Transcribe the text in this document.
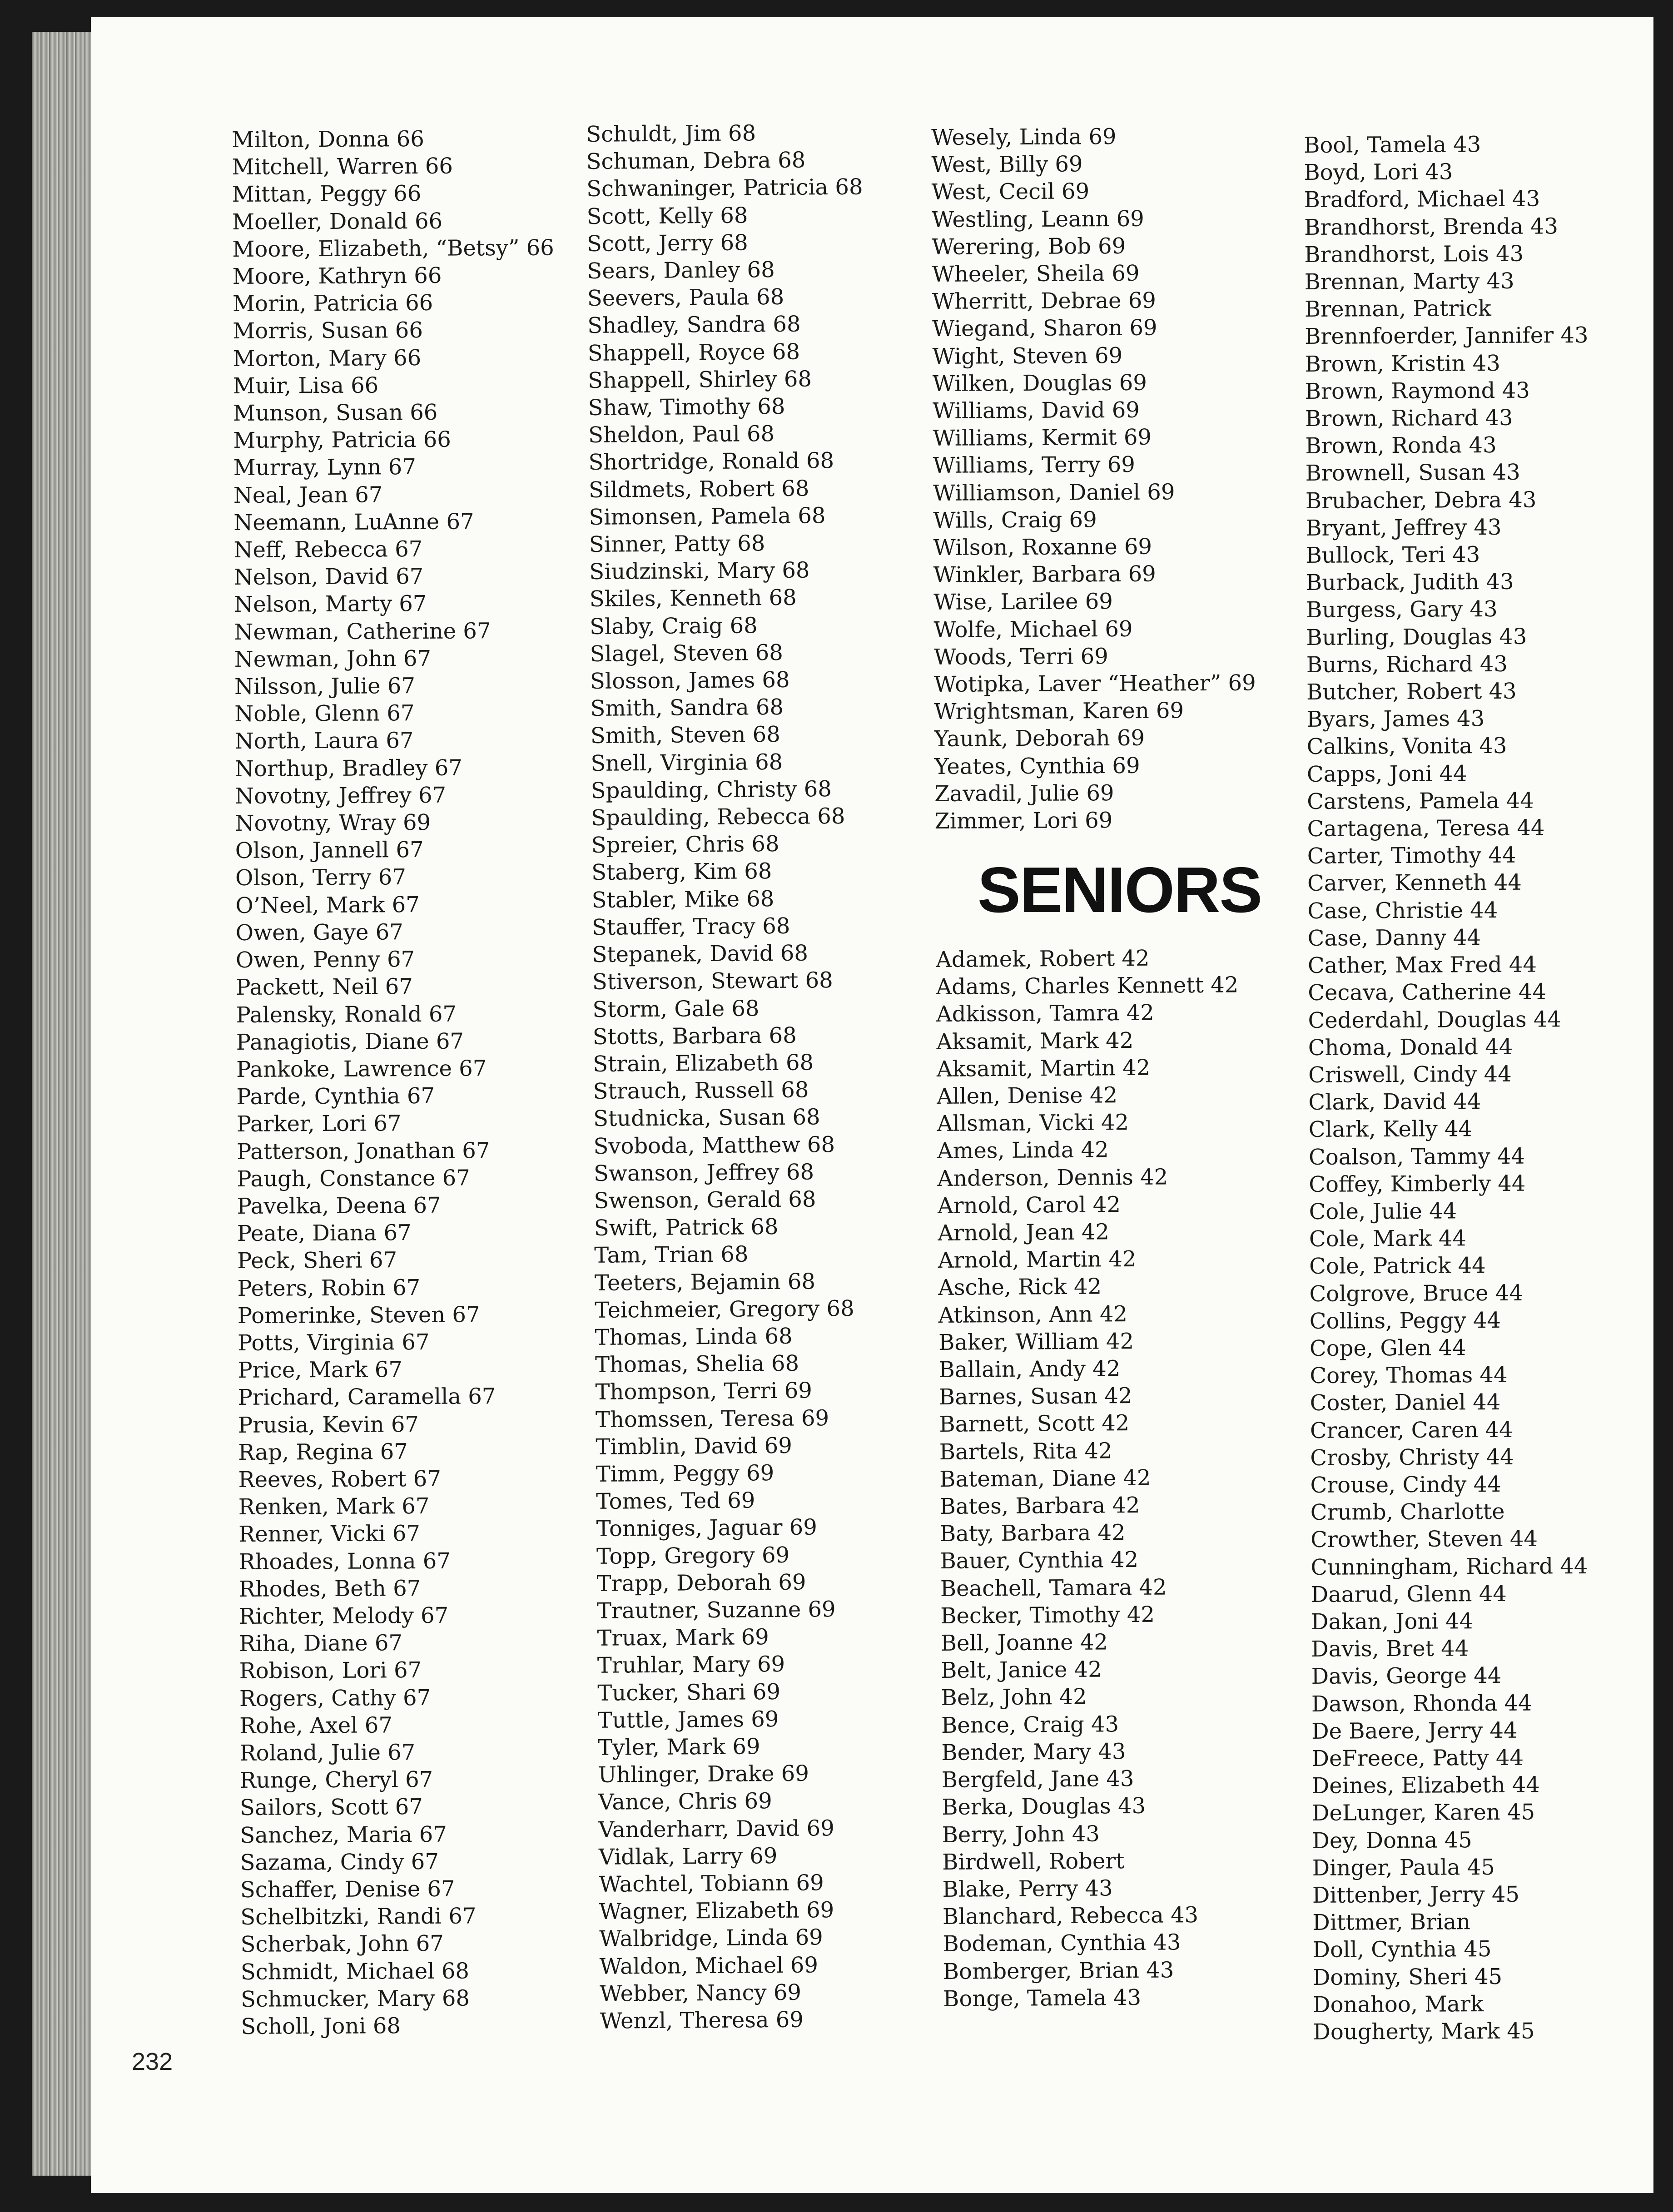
Milton, Donna 66
Mitchell, Warren 66
Mittan, Peggy 66
Moeller, Donald 66
Moore, Elizabeth, “Betsy” 66
Moore, Kathryn 66
Morin, Patricia 66
Morris, Susan 66
Morton, Mary 66
Muir, Lisa 66
Munson, Susan 66
Murphy, Patricia 66
Murray, Lynn 67
Neal, Jean 67
Neemann, LuAnne 67
Neff, Rebecca 67
Nelson, David 67
Nelson, Marty 67
Newman, Catherine 67
Newman, John 67
Nilsson, Julie 67
Noble, Glenn 67
North, Laura 67
Northup, Bradley 67
Novotny, Jeffrey 67
Novotny, Wray 69
Olson, Jannell 67
Olson, Terry 67
O’Neel, Mark 67
Owen, Gaye 67
Owen, Penny 67
Packett, Neil 67
Palensky, Ronald 67
Panagiotis, Diane 67
Pankoke, Lawrence 67
Parde, Cynthia 67
Parker, Lori 67
Patterson, Jonathan 67
Paugh, Constance 67
Pavelka, Deena 67
Peate, Diana 67
Peck, Sheri 67
Peters, Robin 67
Pomerinke, Steven 67
Potts, Virginia 67
Price, Mark 67
Prichard, Caramella 67
Prusia, Kevin 67
Rap, Regina 67
Reeves, Robert 67
Renken, Mark 67
Renner, Vicki 67
Rhoades, Lonna 67
Rhodes, Beth 67
Richter, Melody 67
Riha, Diane 67
Robison, Lori 67
Rogers, Cathy 67
Rohe, Axel 67
Roland, Julie 67
Runge, Cheryl 67
Sailors, Scott 67
Sanchez, Maria 67
Sazama, Cindy 67
Schaffer, Denise 67
Schelbitzki, Randi 67
Scherbak, John 67
Schmidt, Michael 68
Schmucker, Mary 68
Scholl, Joni 68
Schuldt, Jim 68
Schuman, Debra 68
Schwaninger, Patricia 68
Scott, Kelly 68
Scott, Jerry 68
Sears, Danley 68
Seevers, Paula 68
Shadley, Sandra 68
Shappell, Royce 68
Shappell, Shirley 68
Shaw, Timothy 68
Sheldon, Paul 68
Shortridge, Ronald 68
Sildmets, Robert 68
Simonsen, Pamela 68
Sinner, Patty 68
Siudzinski, Mary 68
Skiles, Kenneth 68
Slaby, Craig 68
Slagel, Steven 68
Slosson, James 68
Smith, Sandra 68
Smith, Steven 68
Snell, Virginia 68
Spaulding, Christy 68
Spaulding, Rebecca 68
Spreier, Chris 68
Staberg, Kim 68
Stabler, Mike 68
Stauffer, Tracy 68
Stepanek, David 68
Stiverson, Stewart 68
Storm, Gale 68
Stotts, Barbara 68
Strain, Elizabeth 68
Strauch, Russell 68
Studnicka, Susan 68
Svoboda, Matthew 68
Swanson, Jeffrey 68
Swenson, Gerald 68
Swift, Patrick 68
Tam, Trian 68
Teeters, Bejamin 68
Teichmeier, Gregory 68
Thomas, Linda 68
Thomas, Shelia 68
Thompson, Terri 69
Thomssen, Teresa 69
Timblin, David 69
Timm, Peggy 69
Tomes, Ted 69
Tonniges, Jaguar 69
Topp, Gregory 69
Trapp, Deborah 69
Trautner, Suzanne 69
Truax, Mark 69
Truhlar, Mary 69
Tucker, Shari 69
Tuttle, James 69
Tyler, Mark 69
Uhlinger, Drake 69
Vance, Chris 69
Vanderharr, David 69
Vidlak, Larry 69
Wachtel, Tobiann 69
Wagner, Elizabeth 69
Walbridge, Linda 69
Waldon, Michael 69
Webber, Nancy 69
Wenzl, Theresa 69
Wesely, Linda 69
West, Billy 69
West, Cecil 69
Westling, Leann 69
Werering, Bob 69
Wheeler, Sheila 69
Wherritt, Debrae 69
Wiegand, Sharon 69
Wight, Steven 69
Wilken, Douglas 69
Williams, David 69
Williams, Kermit 69
Williams, Terry 69
Williamson, Daniel 69
Wills, Craig 69
Wilson, Roxanne 69
Winkler, Barbara 69
Wise, Larilee 69
Wolfe, Michael 69
Woods, Terri 69
Wotipka, Laver “Heather” 69
Wrightsman, Karen 69
Yaunk, Deborah 69
Yeates, Cynthia 69
Zavadil, Julie 69
Zimmer, Lori 69
SENIORS
Adamek, Robert 42
Adams, Charles Kennett 42
Adkisson, Tamra 42
Aksamit, Mark 42
Aksamit, Martin 42
Allen, Denise 42
Allsman, Vicki 42
Ames, Linda 42
Anderson, Dennis 42
Arnold, Carol 42
Arnold, Jean 42
Arnold, Martin 42
Asche, Rick 42
Atkinson, Ann 42
Baker, William 42
Ballain, Andy 42
Barnes, Susan 42
Barnett, Scott 42
Bartels, Rita 42
Bateman, Diane 42
Bates, Barbara 42
Baty, Barbara 42
Bauer, Cynthia 42
Beachell, Tamara 42
Becker, Timothy 42
Bell, Joanne 42
Belt, Janice 42
Belz, John 42
Bence, Craig 43
Bender, Mary 43
Bergfeld, Jane 43
Berka, Douglas 43
Berry, John 43
Birdwell, Robert
Blake, Perry 43
Blanchard, Rebecca 43
Bodeman, Cynthia 43
Bomberger, Brian 43
Bonge, Tamela 43
Bool, Tamela 43
Boyd, Lori 43
Bradford, Michael 43
Brandhorst, Brenda 43
Brandhorst, Lois 43
Brennan, Marty 43
Brennan, Patrick
Brennfoerder, Jannifer 43
Brown, Kristin 43
Brown, Raymond 43
Brown, Richard 43
Brown, Ronda 43
Brownell, Susan 43
Brubacher, Debra 43
Bryant, Jeffrey 43
Bullock, Teri 43
Burback, Judith 43
Burgess, Gary 43
Burling, Douglas 43
Burns, Richard 43
Butcher, Robert 43
Byars, James 43
Calkins, Vonita 43
Capps, Joni 44
Carstens, Pamela 44
Cartagena, Teresa 44
Carter, Timothy 44
Carver, Kenneth 44
Case, Christie 44
Case, Danny 44
Cather, Max Fred 44
Cecava, Catherine 44
Cederdahl, Douglas 44
Choma, Donald 44
Criswell, Cindy 44
Clark, David 44
Clark, Kelly 44
Coalson, Tammy 44
Coffey, Kimberly 44
Cole, Julie 44
Cole, Mark 44
Cole, Patrick 44
Colgrove, Bruce 44
Collins, Peggy 44
Cope, Glen 44
Corey, Thomas 44
Coster, Daniel 44
Crancer, Caren 44
Crosby, Christy 44
Crouse, Cindy 44
Crumb, Charlotte
Crowther, Steven 44
Cunningham, Richard 44
Daarud, Glenn 44
Dakan, Joni 44
Davis, Bret 44
Davis, George 44
Dawson, Rhonda 44
De Baere, Jerry 44
DeFreece, Patty 44
Deines, Elizabeth 44
DeLunger, Karen 45
Dey, Donna 45
Dinger, Paula 45
Dittenber, Jerry 45
Dittmer, Brian
Doll, Cynthia 45
Dominy, Sheri 45
Donahoo, Mark
Dougherty, Mark 45
232
